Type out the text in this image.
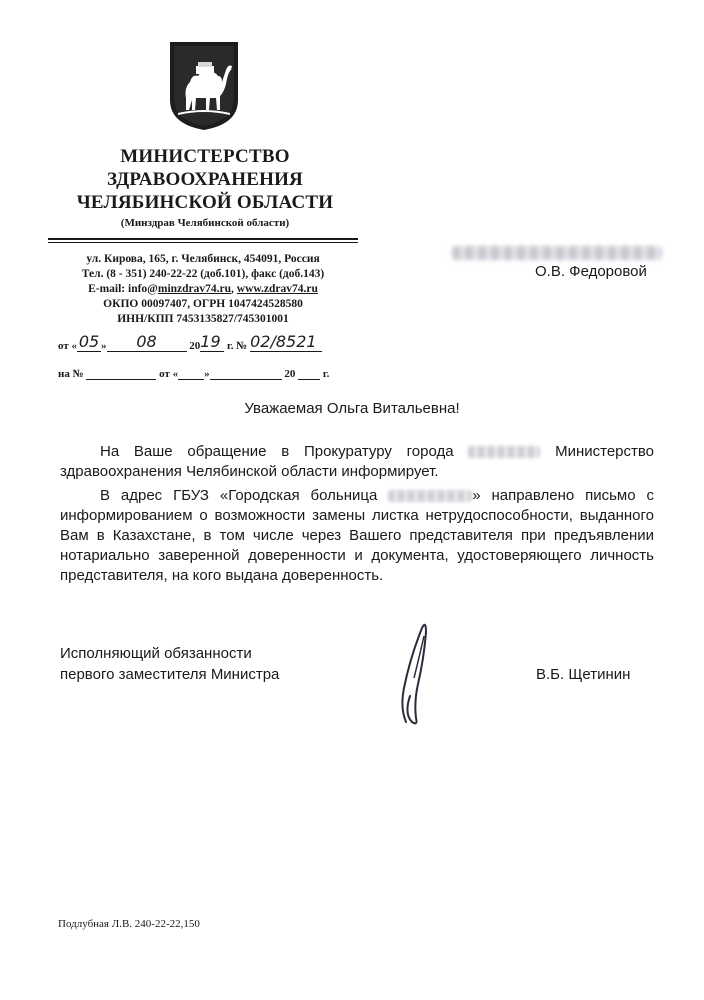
МИНИСТЕРСТВО
ЗДРАВООХРАНЕНИЯ
ЧЕЛЯБИНСКОЙ ОБЛАСТИ
(Минздрав Челябинской области)
ул. Кирова, 165, г. Челябинск, 454091, Россия
Тел. (8 - 351) 240-22-22 (доб.101), факс (доб.143)
E-mail: info@minzdrav74.ru, www.zdrav74.ru
ОКПО 00097407, ОГРН 1047424528580
ИНН/КПП 7453135827/745301001
от « 05 » 08	2019 г. № 02/8521
на №	от « »	20	г.
О.В. Федоровой
Уважаемая Ольга Витальевна!
На Ваше обращение в Прокуратуру города	Министерство здравоохранения Челябинской области информирует.
В адрес ГБУЗ «Городская больница	» направлено письмо с информированием о возможности замены листка нетрудоспособности, выданного Вам в Казахстане, в том числе через Вашего представителя при предъявлении нотариально заверенной доверенности и документа, удостоверяющего личность представителя, на кого выдана доверенность.
Исполняющий обязанности
первого заместителя Министра	В.Б. Щетинин
Подлубная Л.В. 240-22-22,150
